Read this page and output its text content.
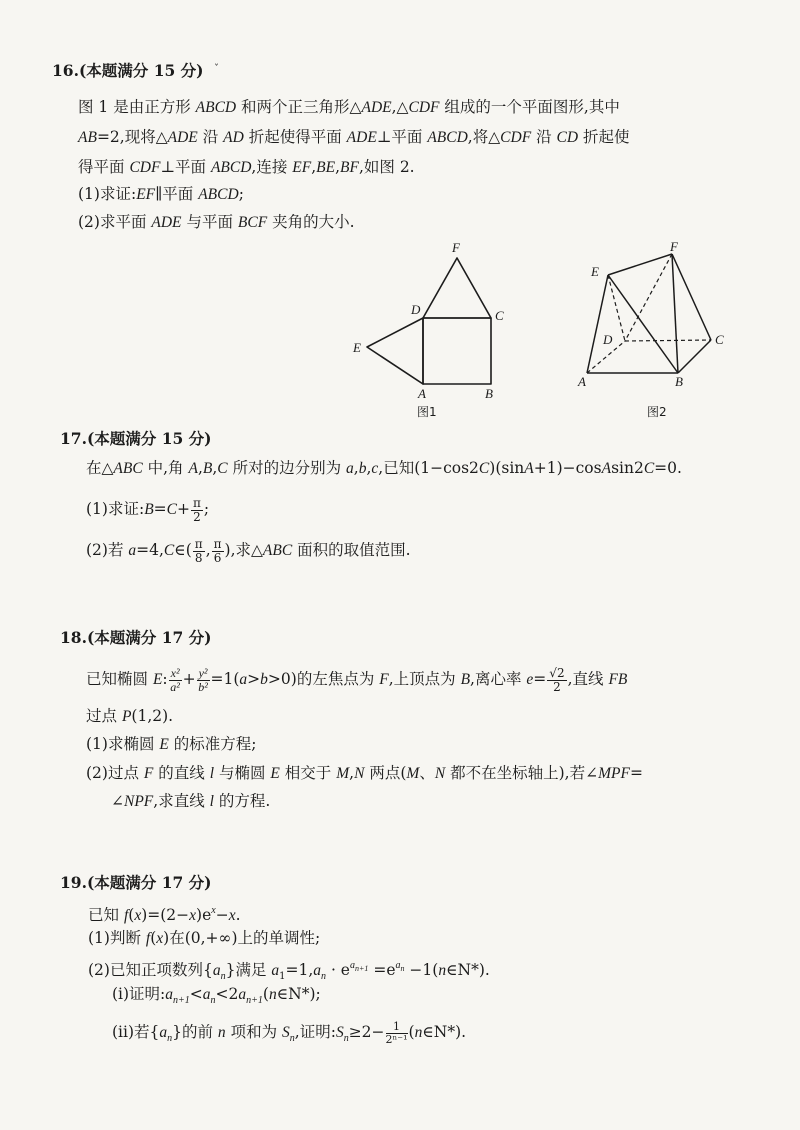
16.(本题满分 15 分) ˇ
图 1 是由正方形 ABCD 和两个正三角形△ADE,△CDF 组成的一个平面图形,其中
AB=2,现将△ADE 沿 AD 折起使得平面 ADE⊥平面 ABCD,将△CDF 沿 CD 折起使
得平面 CDF⊥平面 ABCD,连接 EF,BE,BF,如图 2.
(1)求证:EF∥平面 ABCD;
(2)求平面 ADE 与平面 BCF 夹角的大小.
F
D	C
E
A	B
图1
E
F
D	C
A	B
图2
17.(本题满分 15 分)
在△ABC 中,角 A,B,C 所对的边分别为 a,b,c,已知(1−cos2C)(sinA+1)−cosAsin2C=0.
(1)求证:B=C+ $\frac{\pi}{2}$ ;
(2)若 a=4,C∈( $\frac{\pi}{8}$ , $\frac{\pi}{6}$ ),求△ABC 面积的取值范围.
18.(本题满分 17 分)
已知椭圆 E: $\frac{\text{x²}}{\text{a²}} + \frac{\text{y²}}{\text{b²}} =1(a>b>0)$的左焦点为 F,上顶点为 B,离心率 $e= \frac{√2}{2}$ ,直线 FB
过点 P(1,2).
(1)求椭圆 E 的标准方程;
(2)过点 F 的直线 l 与椭圆 E 相交于 M,N 两点(M、N 都不在坐标轴上),若∠MPF=
∠NPF,求直线 l 的方程.
19.(本题满分 17 分)
已知 $f(x)=(2-x)e^x-x$.
(1)判断 f(x)在(0,+∞)上的单调性;
(2)已知正项数列$\{a_n\}$满足 $a_1=1,a_n \cdot e^{an+1} =e^{an}$ −1(n∈N*).
(i)证明$:a_{n+1}<a_n<2a_{n+1}(n\in N*)$;
(ii)若$\{a_n\}$的前 n 项和为 $S_n$,证明$:S_n\ge 2- \frac{1}{\text{2ⁿ⁻¹}}$ (n∈N*).
